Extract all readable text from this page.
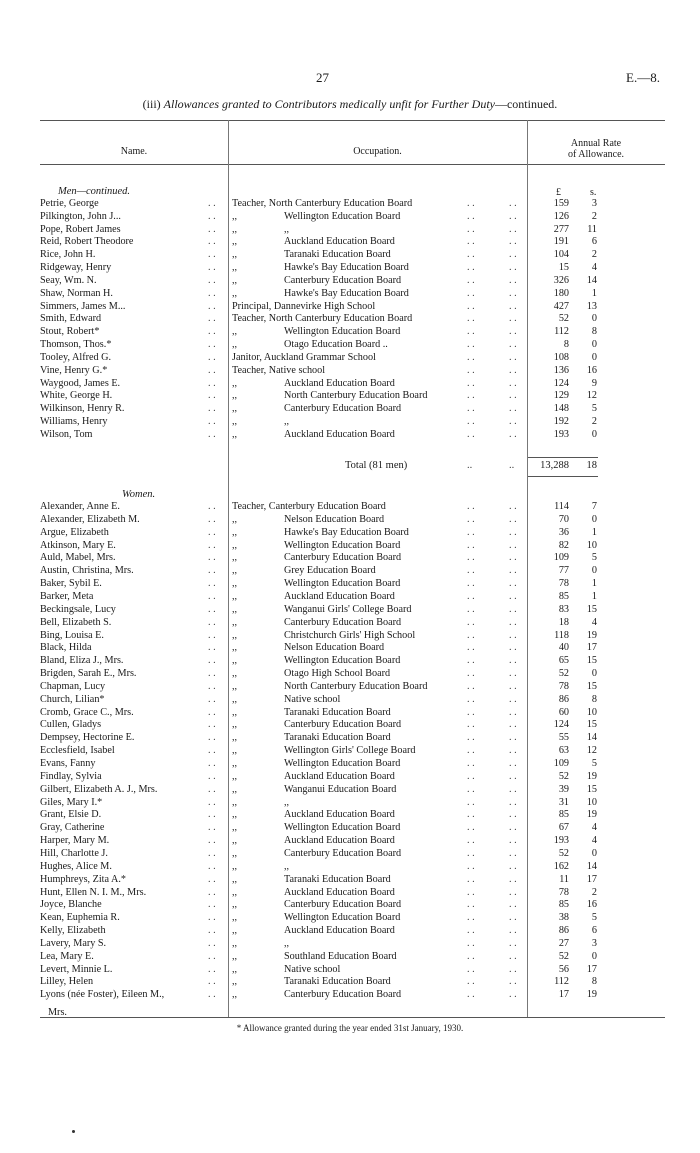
27	E.—8.
(iii) Allowances granted to Contributors medically unfit for Further Duty—continued.
Name.	Occupation.
Annual Rate
of Allowance.
Men—continued.	£	s.
Petrie, George	Teacher, North Canterbury Education Board	159 3
. .	. .	. .
Pilkington, John J...	,,	Wellington Education Board	126 2
. .	. .	. .
Pope, Robert James	,,	,,	277 11
. .	. .	. .
Reid, Robert Theodore	,,	Auckland Education Board	191 6
. .	. .	. .
Rice, John H.	,,	Taranaki Education Board	104 2
. .	. .	. .
Ridgeway, Henry	,,	Hawke's Bay Education Board	15 4
. .	. .	. .
Seay, Wm. N.	,,	Canterbury Education Board	326 14
. .	. .	. .
Shaw, Norman H.	,,	Hawke's Bay Education Board	180 1
. .	. .	. .
Simmers, James M...	Principal, Dannevirke High School	427 13
. .	. .	. .
Smith, Edward	Teacher, North Canterbury Education Board	52 0
. .	. .	. .
Stout, Robert*	,,	Wellington Education Board	112 8
. .	. .	. .
Thomson, Thos.*	,,	Otago Education Board ..	8 0
. .	. .	. .
Tooley, Alfred G.	Janitor, Auckland Grammar School	108 0
. .	. .	. .
Vine, Henry G.*	Teacher, Native school	136 16
. .	. .	. .
Waygood, James E.	,,	Auckland Education Board	124 9
. .	. .	. .
White, George H.	,,	North Canterbury Education Board	129 12
. .	. .	. .
Wilkinson, Henry R.	,,	Canterbury Education Board	148 5
. .	. .	. .
Williams, Henry	,,	,,	192 2
. .	. .	. .
Wilson, Tom	,,	Auckland Education Board	193 0
. .	. .	. .
Total (81 men)	..	.. 13,288 18
Women.
Alexander, Anne E.	Teacher, Canterbury Education Board	114 7
. .	. .	. .
Alexander, Elizabeth M.	,,	Nelson Education Board	70 0
. .	. .	. .
Argue, Elizabeth	,,	Hawke's Bay Education Board	36 1
. .	. .	. .
Atkinson, Mary E.	,,	Wellington Education Board	82 10
. .	. .	. .
Auld, Mabel, Mrs.	,,	Canterbury Education Board	109 5
. .	. .	. .
Austin, Christina, Mrs.	,,	Grey Education Board	77 0
. .	. .	. .
Baker, Sybil E.	,,	Wellington Education Board	78 1
. .	. .	. .
Barker, Meta	,,	Auckland Education Board	85 1
. .	. .	. .
Beckingsale, Lucy	,,	Wanganui Girls' College Board	83 15
. .	. .	. .
Bell, Elizabeth S.	,,	Canterbury Education Board	18 4
. .	. .	. .
Bing, Louisa E.	,,	Christchurch Girls' High School	118 19
. .	. .	. .
Black, Hilda	,,	Nelson Education Board	40 17
. .	. .	. .
Bland, Eliza J., Mrs.	,,	Wellington Education Board	65 15
. .	. .	. .
Brigden, Sarah E., Mrs.	,,	Otago High School Board	52 0
. .	. .	. .
Chapman, Lucy	,,	North Canterbury Education Board	78 15
. .	. .	. .
Church, Lilian*	,,	Native school	86 8
. .	. .	. .
Cromb, Grace C., Mrs.	,,	Taranaki Education Board	60 10
. .	. .	. .
Cullen, Gladys	,,	Canterbury Education Board	124 15
. .	. .	. .
Dempsey, Hectorine E.	,,	Taranaki Education Board	55 14
. .	. .	. .
Ecclesfield, Isabel	,,	Wellington Girls' College Board	63 12
. .	. .	. .
Evans, Fanny	,,	Wellington Education Board	109 5
. .	. .	. .
Findlay, Sylvia	,,	Auckland Education Board	52 19
. .	. .	. .
Gilbert, Elizabeth A. J., Mrs.	,,	Wanganui Education Board	39 15
. .	. .	. .
Giles, Mary I.*	,,	,,	31 10
. .	. .	. .
Grant, Elsie D.	,,	Auckland Education Board	85 19
. .	. .	. .
Gray, Catherine	,,	Wellington Education Board	67 4
. .	. .	. .
Harper, Mary M.	,,	Auckland Education Board	193 4
. .	. .	. .
Hill, Charlotte J.	,,	Canterbury Education Board	52 0
. .	. .	. .
Hughes, Alice M.	,,	,,	162 14
. .	. .	. .
Humphreys, Zita A.*	,,	Taranaki Education Board	11 17
. .	. .	. .
Hunt, Ellen N. I. M., Mrs.	,,	Auckland Education Board	78 2
. .	. .	. .
Joyce, Blanche	,,	Canterbury Education Board	85 16
. .	. .	. .
Kean, Euphemia R.	,,	Wellington Education Board	38 5
. .	. .	. .
Kelly, Elizabeth	,,	Auckland Education Board	86 6
. .	. .	. .
Lavery, Mary S.	,,	,,	27 3
. .	. .	. .
Lea, Mary E.	,,	Southland Education Board	52 0
. .	. .	. .
Levert, Minnie L.	,,	Native school	56 17
. .	. .	. .
Lilley, Helen	,,	Taranaki Education Board	112 8
. .	. .	. .
Lyons (née Foster), Eileen M.,	,,	Canterbury Education Board	17 19
. .	. .	. .
Mrs.
* Allowance granted during the year ended 31st January, 1930.
